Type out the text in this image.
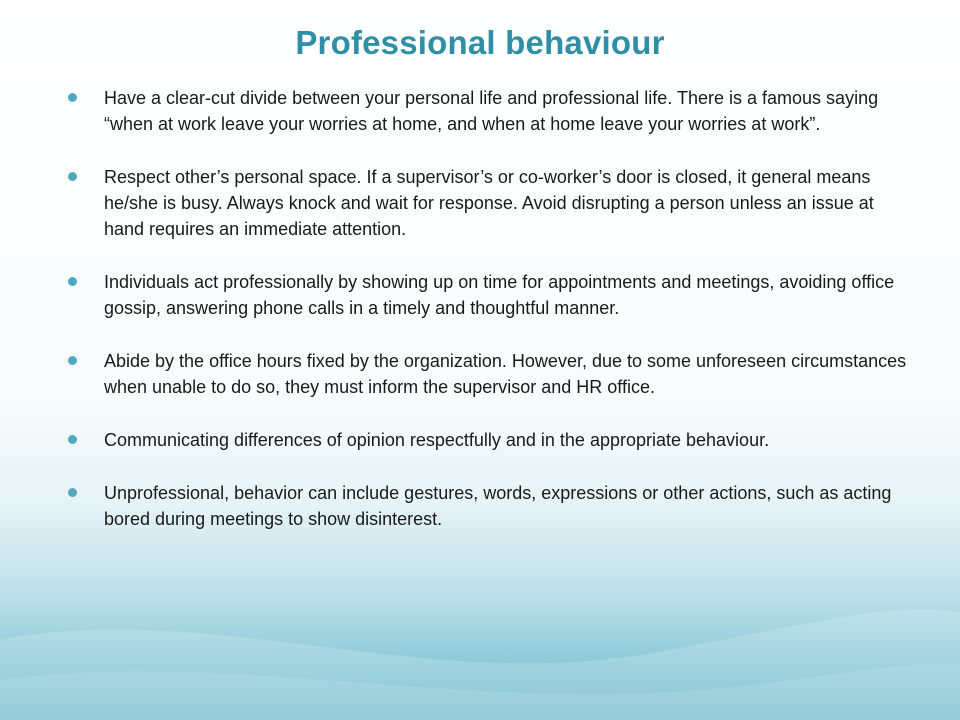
Professional behaviour
Have a clear-cut divide between your personal life and professional life. There is a famous saying “when at work leave your worries at home, and when at home leave your worries at work”.
Respect other’s personal space. If a supervisor’s or co-worker’s door is closed, it general means he/she is busy. Always knock and wait for response. Avoid disrupting a person unless an issue at hand requires an immediate attention.
Individuals act professionally by showing up on time for appointments and meetings, avoiding office gossip, answering phone calls in a timely and thoughtful manner.
Abide by the office hours fixed by the organization. However, due to some unforeseen circumstances when unable to do so, they must inform the supervisor and HR office.
Communicating differences of opinion respectfully and in the appropriate behaviour.
Unprofessional, behavior can include gestures, words, expressions or other actions, such as acting bored during meetings to show disinterest.
